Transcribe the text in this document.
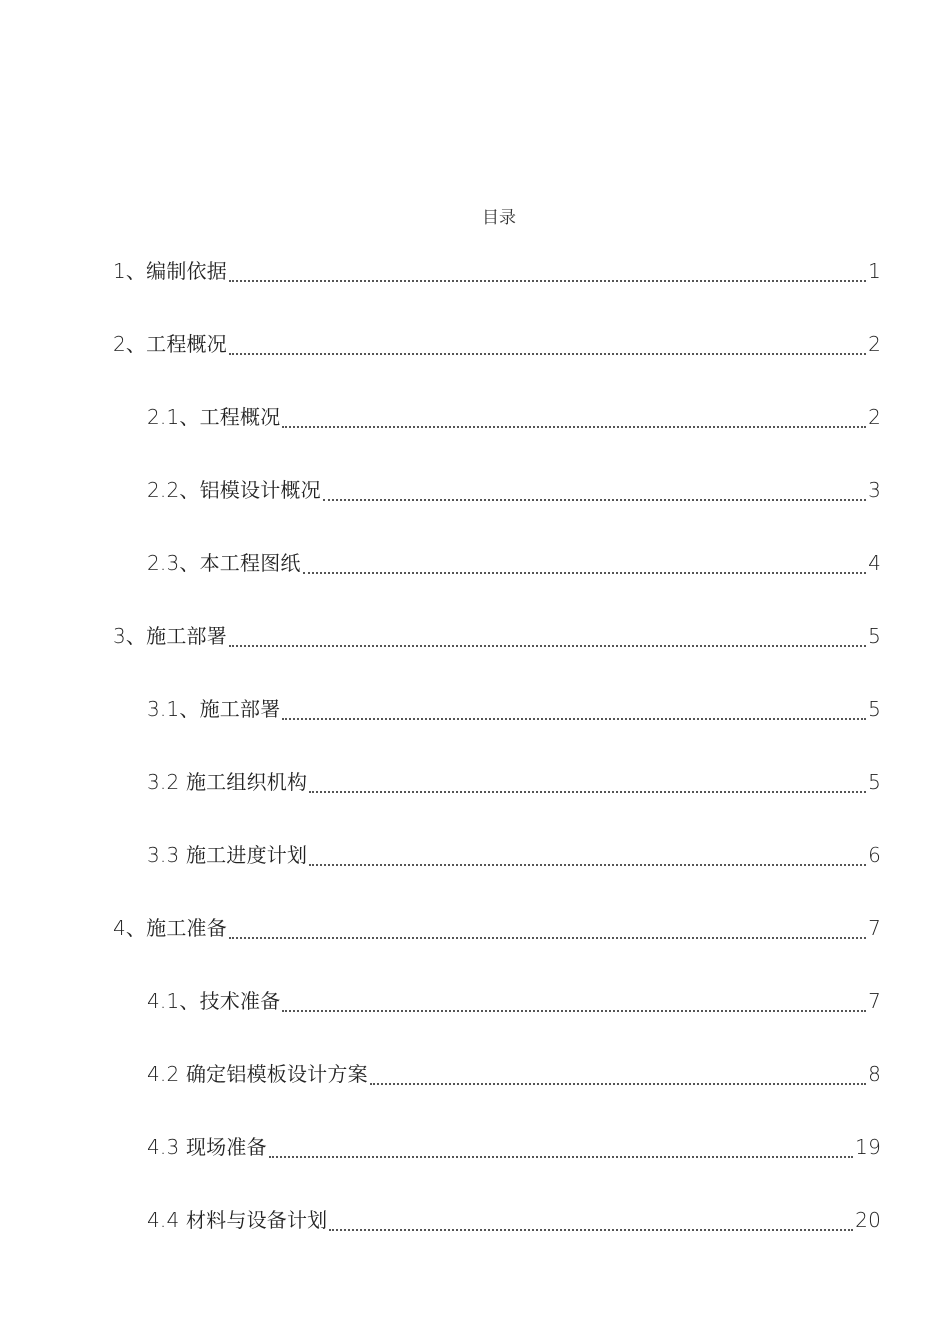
目录
1、编制依据	1
2、工程概况	2
2.1、工程概况	2
2.2、铝模设计概况	3
2.3、本工程图纸	4
3、施工部署	5
3.1、施工部署	5
3.2 施工组织机构	5
3.3 施工进度计划	6
4、施工准备	7
4.1、技术准备	7
4.2 确定铝模板设计方案	8
4.3 现场准备	19
4.4 材料与设备计划	20
